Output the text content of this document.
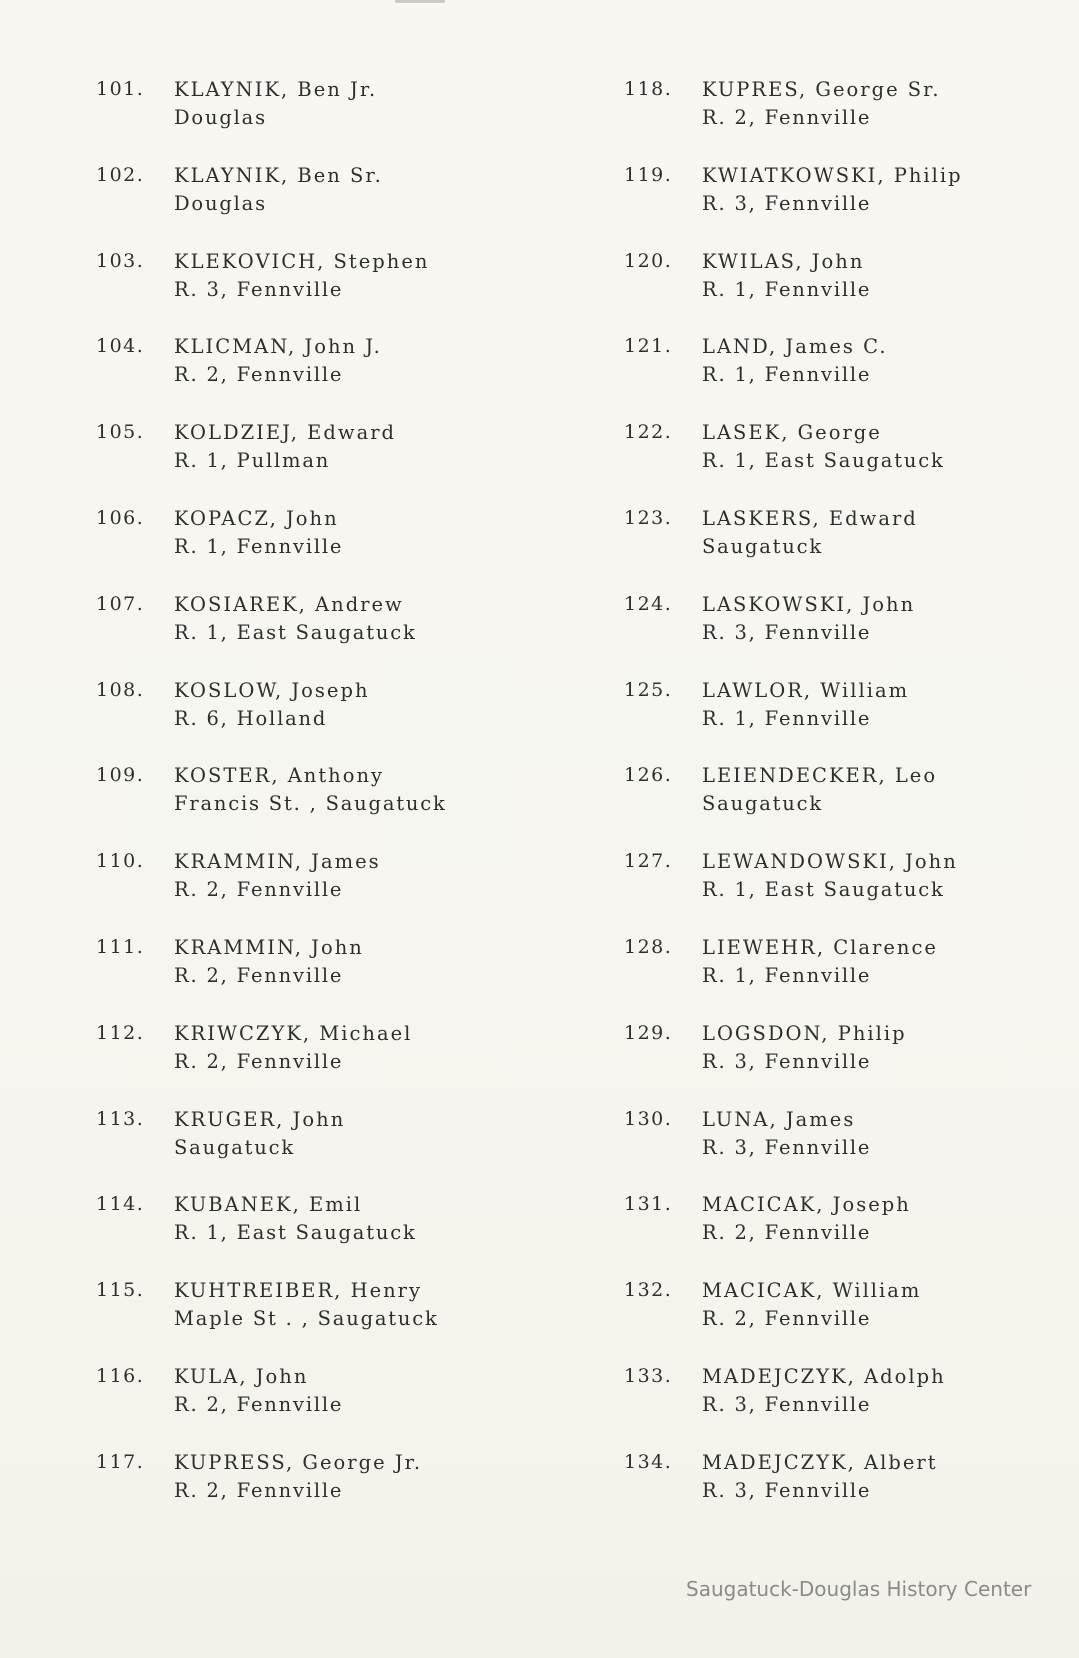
101. KLAYNIK, Ben Jr.
Douglas
102. KLAYNIK, Ben Sr.
Douglas
103. KLEKOVICH, Stephen
R. 3, Fennville
104. KLICMAN, John J.
R. 2, Fennville
105. KOLDZIEJ, Edward
R. 1, Pullman
106. KOPACZ, John
R. 1, Fennville
107. KOSIAREK, Andrew
R. 1, East Saugatuck
108. KOSLOW, Joseph
R. 6, Holland
109. KOSTER, Anthony
Francis St. , Saugatuck
110. KRAMMIN, James
R. 2, Fennville
111. KRAMMIN, John
R. 2, Fennville
112. KRIWCZYK, Michael
R. 2, Fennville
113. KRUGER, John
Saugatuck
114. KUBANEK, Emil
R. 1, East Saugatuck
115. KUHTREIBER, Henry
Maple St . , Saugatuck
116. KULA, John
R. 2, Fennville
117. KUPRESS, George Jr.
R. 2, Fennville
118. KUPRES, George Sr.
R. 2, Fennville
119. KWIATKOWSKI, Philip
R. 3, Fennville
120. KWILAS, John
R. 1, Fennville
121. LAND, James C.
R. 1, Fennville
122. LASEK, George
R. 1, East Saugatuck
123. LASKERS, Edward
Saugatuck
124. LASKOWSKI, John
R. 3, Fennville
125. LAWLOR, William
R. 1, Fennville
126. LEIENDECKER, Leo
Saugatuck
127. LEWANDOWSKI, John
R. 1, East Saugatuck
128. LIEWEHR, Clarence
R. 1, Fennville
129. LOGSDON, Philip
R. 3, Fennville
130. LUNA, James
R. 3, Fennville
131. MACICAK, Joseph
R. 2, Fennville
132. MACICAK, William
R. 2, Fennville
133. MADEJCZYK, Adolph
R. 3, Fennville
134. MADEJCZYK, Albert
R. 3, Fennville
Saugatuck-Douglas History Center
